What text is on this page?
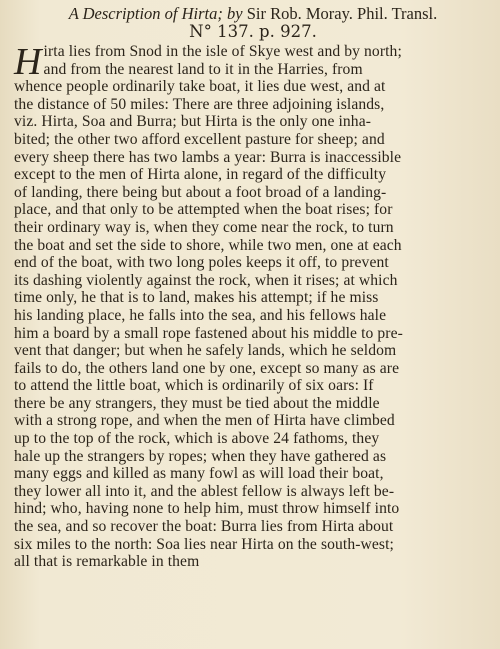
A Description of Hirta; by Sir Rob. Moray. Phil. Transl.
N° 137. p. 927.
H irta lies from Snod in the isle of Skye west and by north;
and from the nearest land to it in the Harries, from
whence people ordinarily take boat, it lies due west, and at
the distance of 50 miles: There are three adjoining islands,
viz. Hirta, Soa and Burra; but Hirta is the only one inha-
bited; the other two afford excellent pasture for sheep; and
every sheep there has two lambs a year: Burra is inaccessible
except to the men of Hirta alone, in regard of the difficulty
of landing, there being but about a foot broad of a landing-
place, and that only to be attempted when the boat rises; for
their ordinary way is, when they come near the rock, to turn
the boat and set the side to shore, while two men, one at each
end of the boat, with two long poles keeps it off, to prevent
its dashing violently against the rock, when it rises; at which
time only, he that is to land, makes his attempt; if he miss
his landing place, he falls into the sea, and his fellows hale
him a board by a small rope fastened about his middle to pre-
vent that danger; but when he safely lands, which he seldom
fails to do, the others land one by one, except so many as are
to attend the little boat, which is ordinarily of six oars: If
there be any strangers, they must be tied about the middle
with a strong rope, and when the men of Hirta have climbed
up to the top of the rock, which is above 24 fathoms, they
hale up the strangers by ropes; when they have gathered as
many eggs and killed as many fowl as will load their boat,
they lower all into it, and the ablest fellow is always left be-
hind; who, having none to help him, must throw himself into
the sea, and so recover the boat: Burra lies from Hirta about
six miles to the north: Soa lies near Hirta on the south-west;
all that is remarkable in them
